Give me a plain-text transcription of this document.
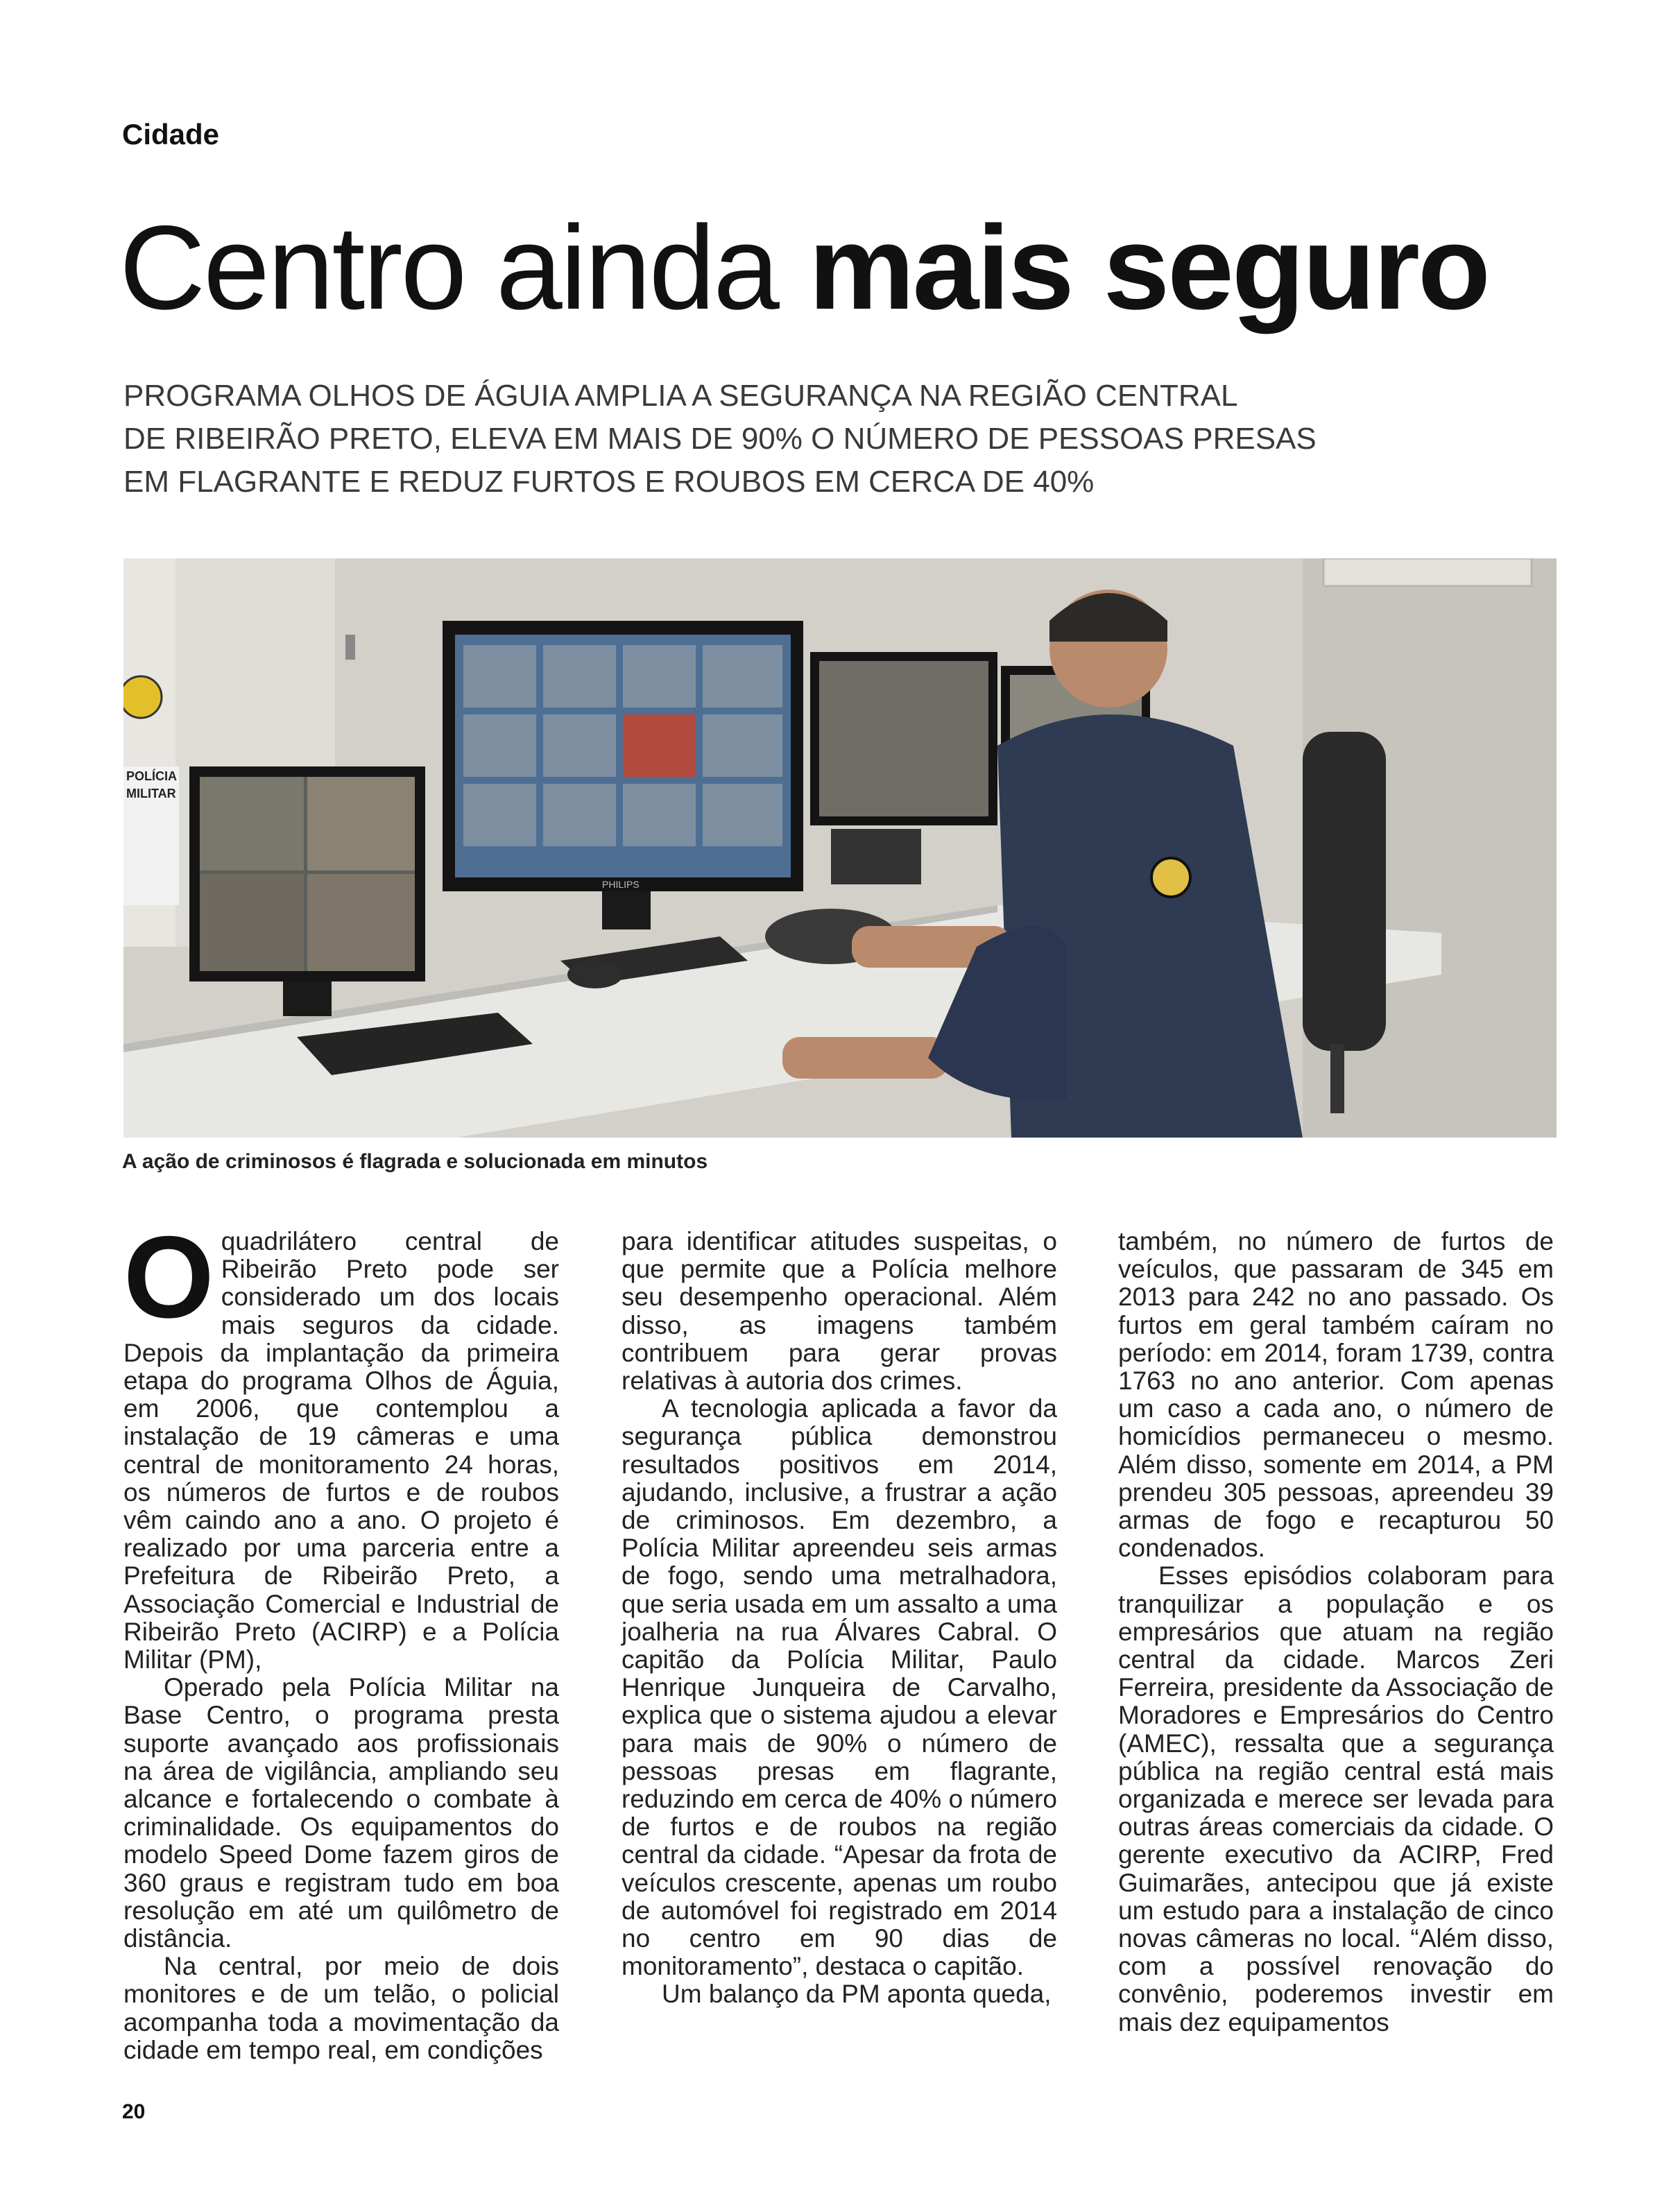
Cidade
Centro ainda mais seguro
PROGRAMA OLHOS DE ÁGUIA AMPLIA A SEGURANÇA NA REGIÃO CENTRAL
DE RIBEIRÃO PRETO, ELEVA EM MAIS DE 90% O NÚMERO DE PESSOAS PRESAS
EM FLAGRANTE E REDUZ FURTOS E ROUBOS EM CERCA DE 40%
POLÍCIA
MILITAR
PHILIPS
A ação de criminosos é flagrada e solucionada em minutos

Oquadrilátero central de Ribeirão Preto pode ser considerado um dos locais mais seguros da cidade. Depois da implantação da primeira etapa do programa Olhos de Águia, em 2006, que contemplou a instalação de 19 câmeras e uma central de monitoramento 24 horas, os números de furtos e de roubos vêm caindo ano a ano. O projeto é realizado por uma parceria entre a Prefeitura de Ribeirão Preto, a Associação Comercial e Industrial de Ribeirão Preto (ACIRP) e a Polícia Militar (PM),

Operado pela Polícia Militar na Base Centro, o programa presta suporte avançado aos profissionais na área de vigilância, ampliando seu alcance e fortalecendo o combate à criminalidade. Os equipamentos do modelo Speed Dome fazem giros de 360 graus e registram tudo em boa resolução em até um quilômetro de distância.

Na central, por meio de dois monitores e de um telão, o policial acompanha toda a movimentação da cidade em tempo real, em condições

para identificar atitudes suspeitas, o que permite que a Polícia melhore seu desempenho operacional. Além disso, as imagens também contribuem para gerar provas relativas à autoria dos crimes.

A tecnologia aplicada a favor da segurança pública demonstrou resultados positivos em 2014, ajudando, inclusive, a frustrar a ação de criminosos. Em dezembro, a Polícia Militar apreendeu seis armas de fogo, sendo uma metralhadora, que seria usada em um assalto a uma joalheria na rua Álvares Cabral. O capitão da Polícia Militar, Paulo Henrique Junqueira de Carvalho, explica que o sistema ajudou a elevar para mais de 90% o número de pessoas presas em flagrante, reduzindo em cerca de 40% o número de furtos e de roubos na região central da cidade. “Apesar da frota de veículos crescente, apenas um roubo de automóvel foi registrado em 2014 no centro em 90 dias de monitoramento”, destaca o capitão.

Um balanço da PM aponta queda,

também, no número de furtos de veículos, que passaram de 345 em 2013 para 242 no ano passado. Os furtos em geral também caíram no período: em 2014, foram 1739, contra 1763 no ano anterior. Com apenas um caso a cada ano, o número de homicídios permaneceu o mesmo. Além disso, somente em 2014, a PM prendeu 305 pessoas, apreendeu 39 armas de fogo e recapturou 50 condenados.

Esses episódios colaboram para tranquilizar a população e os empresários que atuam na região central da cidade. Marcos Zeri Ferreira, presidente da Associação de Moradores e Empresários do Centro (AMEC), ressalta que a segurança pública na região central está mais organizada e merece ser levada para outras áreas comerciais da cidade. O gerente executivo da ACIRP, Fred Guimarães, antecipou que já existe um estudo para a instalação de cinco novas câmeras no local. “Além disso, com a possível renovação do convênio, poderemos investir em mais dez equipamentos

20
